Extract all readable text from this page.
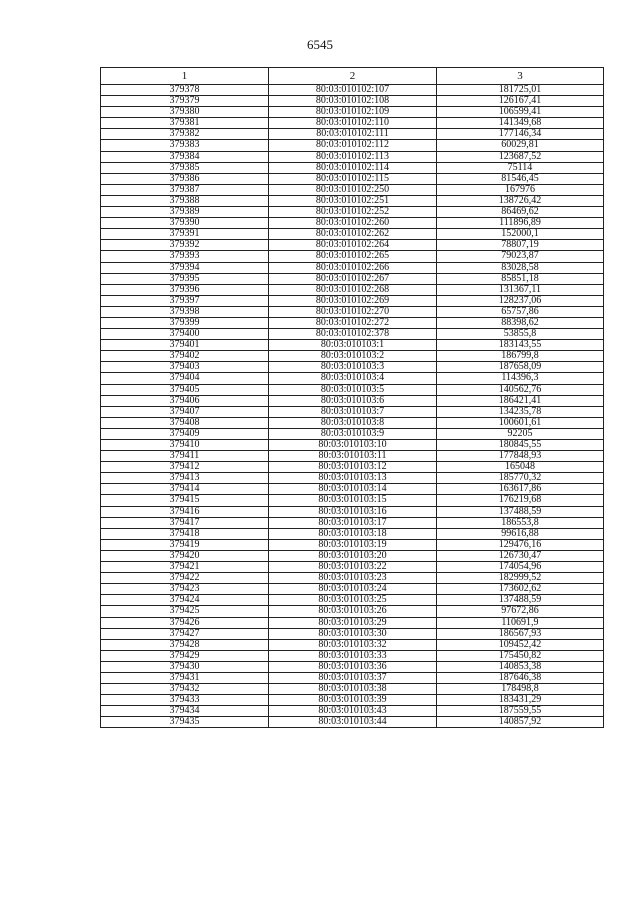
6545
1	2	3
379378	80:03:010102:107	181725,01
379379	80:03:010102:108	126167,41
379380	80:03:010102:109	106599,41
379381	80:03:010102:110	141349,68
379382	80:03:010102:111	177146,34
379383	80:03:010102:112	60029,81
379384	80:03:010102:113	123687,52
379385	80:03:010102:114	75114
379386	80:03:010102:115	81546,45
379387	80:03:010102:250	167976
379388	80:03:010102:251	138726,42
379389	80:03:010102:252	86469,62
379390	80:03:010102:260	111896,89
379391	80:03:010102:262	152000,1
379392	80:03:010102:264	78807,19
379393	80:03:010102:265	79023,87
379394	80:03:010102:266	83028,58
379395	80:03:010102:267	85851,18
379396	80:03:010102:268	131367,11
379397	80:03:010102:269	128237,06
379398	80:03:010102:270	65757,86
379399	80:03:010102:272	88398,62
379400	80:03:010102:378	53855,8
379401	80:03:010103:1	183143,55
379402	80:03:010103:2	186799,8
379403	80:03:010103:3	187658,09
379404	80:03:010103:4	114396,3
379405	80:03:010103:5	140562,76
379406	80:03:010103:6	186421,41
379407	80:03:010103:7	134235,78
379408	80:03:010103:8	100601,61
379409	80:03:010103:9	92205
379410	80:03:010103:10	180845,55
379411	80:03:010103:11	177848,93
379412	80:03:010103:12	165048
379413	80:03:010103:13	185770,32
379414	80:03:010103:14	163617,86
379415	80:03:010103:15	176219,68
379416	80:03:010103:16	137488,59
379417	80:03:010103:17	186553,8
379418	80:03:010103:18	99616,88
379419	80:03:010103:19	129476,16
379420	80:03:010103:20	126730,47
379421	80:03:010103:22	174054,96
379422	80:03:010103:23	182999,52
379423	80:03:010103:24	173602,62
379424	80:03:010103:25	137488,59
379425	80:03:010103:26	97672,86
379426	80:03:010103:29	110691,9
379427	80:03:010103:30	186567,93
379428	80:03:010103:32	109452,42
379429	80:03:010103:33	175450,82
379430	80:03:010103:36	140853,38
379431	80:03:010103:37	187646,38
379432	80:03:010103:38	178498,8
379433	80:03:010103:39	183431,29
379434	80:03:010103:43	187559,55
379435	80:03:010103:44	140857,92
